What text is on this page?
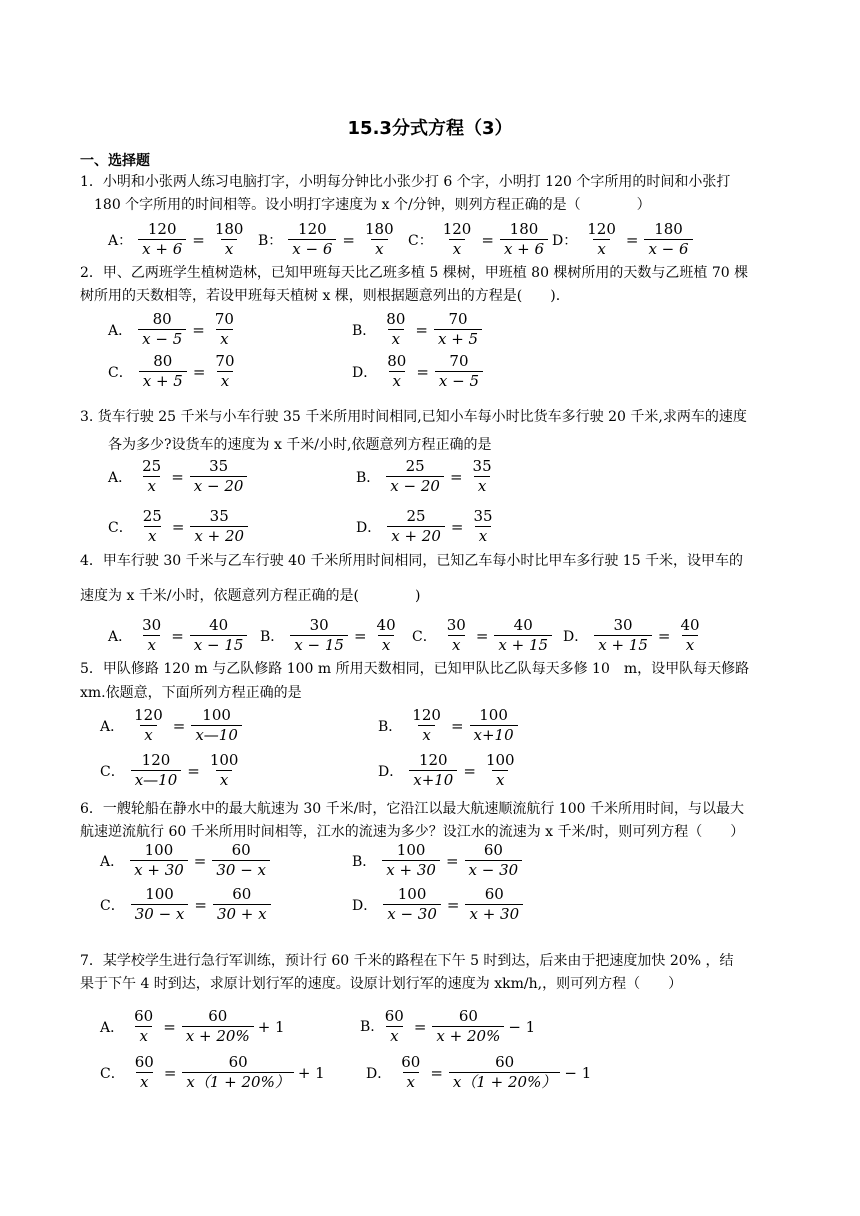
15.3分式方程（3）
一、选择题
1．小明和小张两人练习电脑打字，小明每分钟比小张少打 6 个字，小明打 120 个字所用的时间和小张打
180 个字所用的时间相等。设小明打字速度为 x 个/分钟，则列方程正确的是（　　　　）
A： $\frac{120}{x + 6} = \frac{180}{x}$ B： $\frac{120}{x - 6} = \frac{180}{x}$ C： $\frac{120}{x} = \frac{180}{x + 6}$ D： $\frac{120}{x} = \frac{180}{x - 6}$
2．甲、乙两班学生植树造林，已知甲班每天比乙班多植 5 棵树，甲班植 80 棵树所用的天数与乙班植 70 棵
树所用的天数相等，若设甲班每天植树 x 棵，则根据题意列出的方程是(　　).
A． $\frac{80}{x - 5} = \frac{70}{x}$	B． $\frac{80}{x} = \frac{70}{x + 5}$
C． $\frac{80}{x + 5} = \frac{70}{x}$	D． $\frac{80}{x} = \frac{70}{x - 5}$
3. 货车行驶 25 千米与小车行驶 35 千米所用时间相同,已知小车每小时比货车多行驶 20 千米,求两车的速度
各为多少?设货车的速度为 x 千米/小时,依题意列方程正确的是
A． $\frac{25}{x} = \frac{35}{x - 20}$	B． $\frac{25}{x - 20} = \frac{35}{x}$
C． $\frac{25}{x} = \frac{35}{x + 20}$	D． $\frac{25}{x + 20} = \frac{35}{x}$
4．甲车行驶 30 千米与乙车行驶 40 千米所用时间相同，已知乙车每小时比甲车多行驶 15 千米，设甲车的
速度为 x 千米/小时，依题意列方程正确的是(　　　　)
A． $\frac{30}{x} = \frac{40}{x - 15}$ B． $\frac{30}{x - 15} = \frac{40}{x}$ C． $\frac{30}{x} = \frac{40}{x + 15}$ D． $\frac{30}{x + 15} = \frac{40}{x}$
5．甲队修路 120 m 与乙队修路 100 m 所用天数相同，已知甲队比乙队每天多修 10　m，设甲队每天修路
xm.依题意，下面所列方程正确的是
A． $\frac{120}{x} = \frac{100}{x—10}$	B． $\frac{120}{x} = \frac{100}{x+10}$
C． $\frac{120}{x—10} = \frac{100}{x}$	D． $\frac{120}{x+10} = \frac{100}{x}$
6．一艘轮船在静水中的最大航速为 30 千米/时，它沿江以最大航速顺流航行 100 千米所用时间，与以最大
航速逆流航行 60 千米所用时间相等，江水的流速为多少？设江水的流速为 x 千米/时，则可列方程（　　）
A． $\frac{100}{x + 30} = \frac{60}{30 - x}$	B． $\frac{100}{x + 30} = \frac{60}{x - 30}$
C． $\frac{100}{30 - x} = \frac{60}{30 + x}$	D． $\frac{100}{x - 30} = \frac{60}{x + 30}$
7．某学校学生进行急行军训练，预计行 60 千米的路程在下午 5 时到达，后来由于把速度加快 20% ，结
果于下午 4 时到达，求原计划行军的速度。设原计划行军的速度为 xkm/h,，则可列方程（　　）
A． $\frac{60}{x} = \frac{60}{x + 20\%} + 1$	B. $\frac{60}{x} = \frac{60}{x + 20\%} - 1$
C． $\frac{60}{x} = \frac{60}{x(1 + 20\%)} + 1$	D． $\frac{60}{x} = \frac{60}{x(1 + 20\%)} - 1$
